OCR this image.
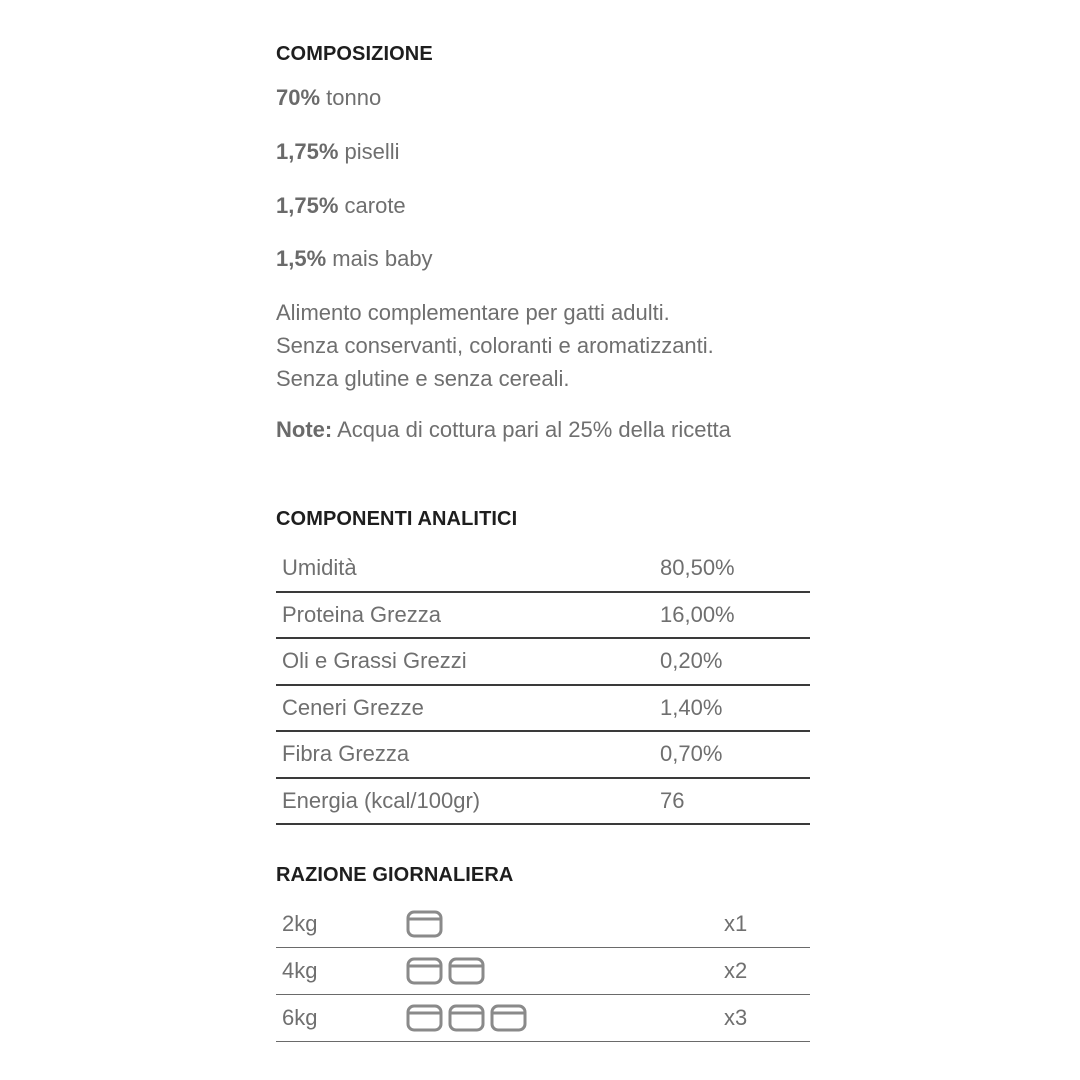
COMPOSIZIONE
70% tonno
1,75% piselli
1,75% carote
1,5% mais baby
Alimento complementare per gatti adulti.
Senza conservanti, coloranti e aromatizzanti.
Senza glutine e senza cereali.
Note: Acqua di cottura pari al 25% della ricetta
COMPONENTI ANALITICI
Umidità	80,50%
Proteina Grezza	16,00%
Oli e Grassi Grezzi	0,20%
Ceneri Grezze	1,40%
Fibra Grezza	0,70%
Energia (kcal/100gr)	76
RAZIONE GIORNALIERA
2kg	x1
4kg	x2
6kg	x3
